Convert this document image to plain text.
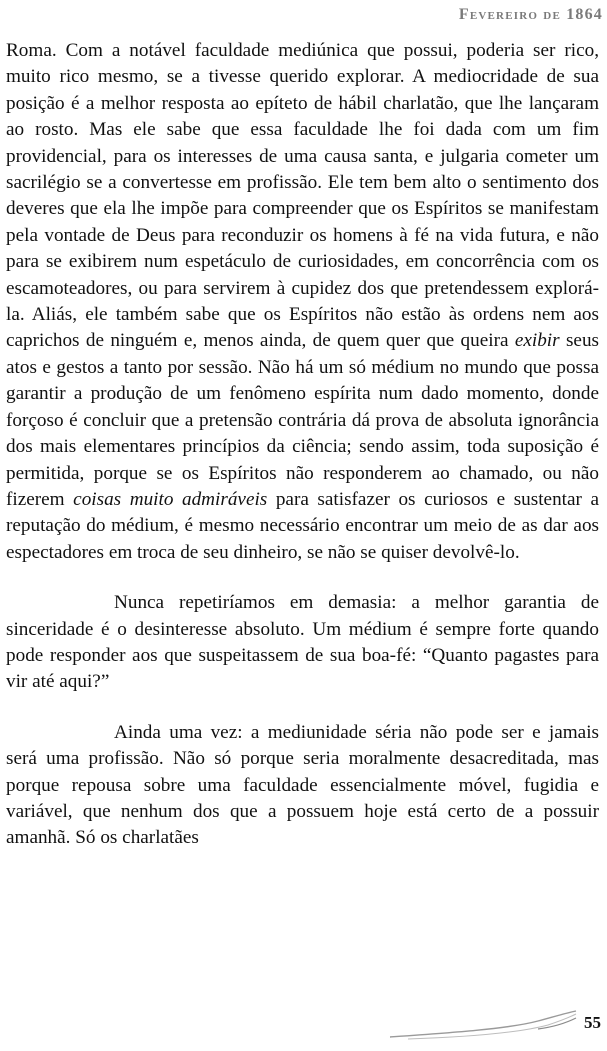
Fevereiro de 1864

Roma. Com a notável faculdade mediúnica que possui, poderia ser rico, muito rico mesmo, se a tivesse querido explorar. A mediocridade de sua posição é a melhor resposta ao epíteto de hábil charlatão, que lhe lançaram ao rosto. Mas ele sabe que essa faculdade lhe foi dada com um fim providencial, para os interesses de uma causa santa, e julgaria cometer um sacrilégio se a convertesse em profissão. Ele tem bem alto o sentimento dos deveres que ela lhe impõe para compreender que os Espíritos se manifestam pela vontade de Deus para reconduzir os homens à fé na vida futura, e não para se exibirem num espetáculo de curiosidades, em concorrência com os escamoteadores, ou para servirem à cupidez dos que pretendessem explorá-la. Aliás, ele também sabe que os Espíritos não estão às ordens nem aos caprichos de ninguém e, menos ainda, de quem quer que queira exibir seus atos e gestos a tanto por sessão. Não há um só médium no mundo que possa garantir a produção de um fenômeno espírita num dado momento, donde forçoso é concluir que a pretensão contrária dá prova de absoluta ignorância dos mais elementares princípios da ciência; sendo assim, toda suposição é permitida, porque se os Espíritos não responderem ao chamado, ou não fizerem coisas muito admiráveis para satisfazer os curiosos e sustentar a reputação do médium, é mesmo necessário encontrar um meio de as dar aos espectadores em troca de seu dinheiro, se não se quiser devolvê-lo.

Nunca repetiríamos em demasia: a melhor garantia de sinceridade é o desinteresse absoluto. Um médium é sempre forte quando pode responder aos que suspeitassem de sua boa-fé: “Quanto pagastes para vir até aqui?”

Ainda uma vez: a mediunidade séria não pode ser e jamais será uma profissão. Não só porque seria moralmente desacreditada, mas porque repousa sobre uma faculdade essencialmente móvel, fugidia e variável, que nenhum dos que a possuem hoje está certo de a possuir amanhã. Só os charlatães

55
